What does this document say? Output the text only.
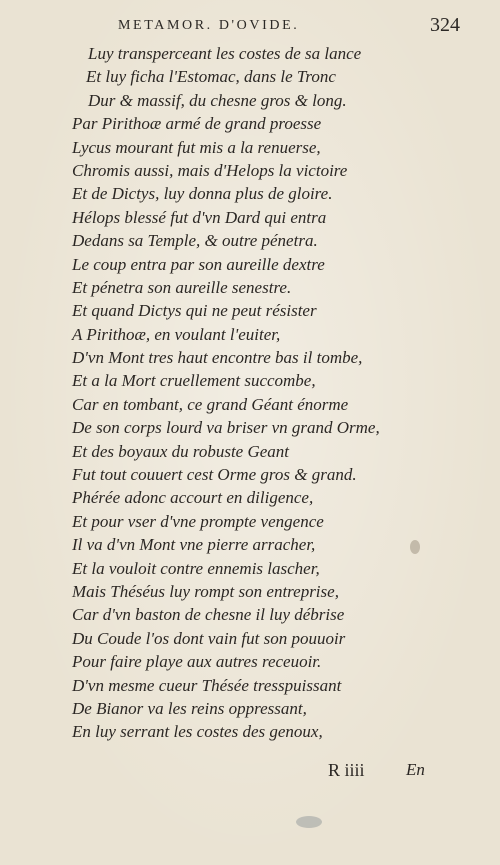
METAMOR. D'OVIDE.	324
Luy transperceant les costes de sa lance
Et luy ficha l'Estomac, dans le Tronc
Dur & massif, du chesne gros & long.
Par Pirithoæ armé de grand proesse
Lycus mourant fut mis a la renuerse,
Chromis aussi, mais d'Helops la victoire
Et de Dictys, luy donna plus de gloire.
Hélops blessé fut d'vn Dard qui entra
Dedans sa Temple, & outre pénetra.
Le coup entra par son aureille dextre
Et pénetra son aureille senestre.
Et quand Dictys qui ne peut résister
A Pirithoæ, en voulant l'euiter,
D'vn Mont tres haut encontre bas il tombe,
Et a la Mort cruellement succombe,
Car en tombant, ce grand Géant énorme
De son corps lourd va briser vn grand Orme,
Et des boyaux du robuste Geant
Fut tout couuert cest Orme gros & grand.
Phérée adonc accourt en diligence,
Et pour vser d'vne prompte vengence
Il va d'vn Mont vne pierre arracher,
Et la vouloit contre ennemis lascher,
Mais Théséus luy rompt son entreprise,
Car d'vn baston de chesne il luy débrise
Du Coude l'os dont vain fut son pouuoir
Pour faire playe aux autres receuoir.
D'vn mesme cueur Thésée tresspuissant
De Bianor va les reins oppressant,
En luy serrant les costes des genoux,
R iiii En
